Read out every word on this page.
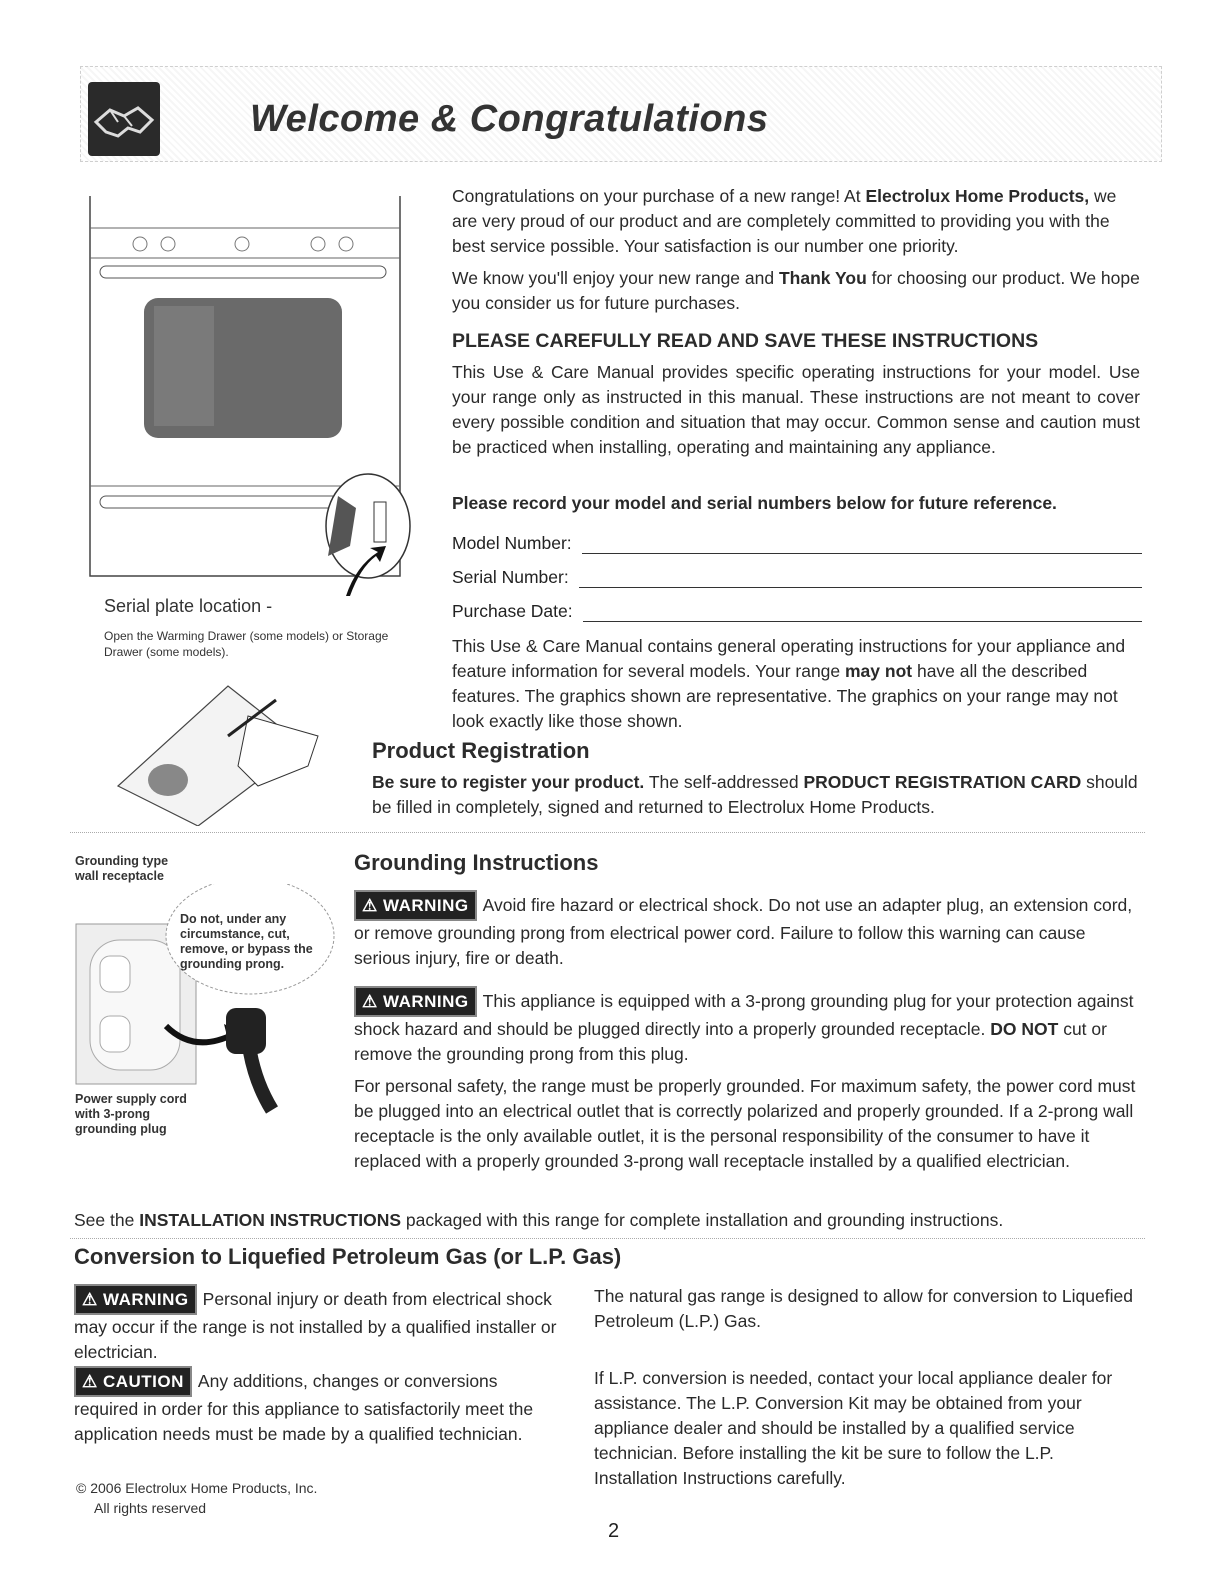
Welcome & Congratulations
Serial plate location -
Open the Warming Drawer (some models) or Storage Drawer (some models).
Congratulations on your purchase of a new range! At Electrolux Home Products, we are very proud of our product and are completely committed to providing you with the best service possible. Your satisfaction is our number one priority.
We know you'll enjoy your new range and Thank You for choosing our product. We hope you consider us for future purchases.
PLEASE CAREFULLY READ AND SAVE THESE INSTRUCTIONS
This Use & Care Manual provides specific operating instructions for your model. Use your range only as instructed in this manual. These instructions are not meant to cover every possible condition and situation that may occur. Common sense and caution must be practiced when installing, operating and maintaining any appliance.
Please record your model and serial numbers below for future reference.
Model Number:
Serial Number:
Purchase Date:
This Use & Care Manual contains general operating instructions for your appliance and feature information for several models. Your range may not have all the described features. The graphics shown are representative. The graphics on your range may not look exactly like those shown.
Product Registration
Be sure to register your product. The self-addressed PRODUCT REGISTRATION CARD should be filled in completely, signed and returned to Electrolux Home Products.
Grounding type wall receptacle
Do not, under any circumstance, cut, remove, or bypass the grounding prong.
Power supply cord with 3-prong grounding plug
Grounding Instructions
⚠ WARNING Avoid fire hazard or electrical shock. Do not use an adapter plug, an extension cord, or remove grounding prong from electrical power cord. Failure to follow this warning can cause serious injury, fire or death.
⚠ WARNING This appliance is equipped with a 3-prong grounding plug for your protection against shock hazard and should be plugged directly into a properly grounded receptacle. DO NOT cut or remove the grounding prong from this plug.
For personal safety, the range must be properly grounded. For maximum safety, the power cord must be plugged into an electrical outlet that is correctly polarized and properly grounded. If a 2-prong wall receptacle is the only available outlet, it is the personal responsibility of the consumer to have it replaced with a properly grounded 3-prong wall receptacle installed by a qualified electrician.
See the INSTALLATION INSTRUCTIONS packaged with this range for complete installation and grounding instructions.
Conversion to Liquefied Petroleum Gas (or L.P. Gas)
⚠ WARNING Personal injury or death from electrical shock may occur if the range is not installed by a qualified installer or electrician.
⚠ CAUTION Any additions, changes or conversions required in order for this appliance to satisfactorily meet the application needs must be made by a qualified technician.
The natural gas range is designed to allow for conversion to Liquefied Petroleum (L.P.) Gas.
If L.P. conversion is needed, contact your local appliance dealer for assistance. The L.P. Conversion Kit may be obtained from your appliance dealer and should be installed by a qualified service technician. Before installing the kit be sure to follow the L.P. Installation Instructions carefully.
© 2006 Electrolux Home Products, Inc.
All rights reserved
2
